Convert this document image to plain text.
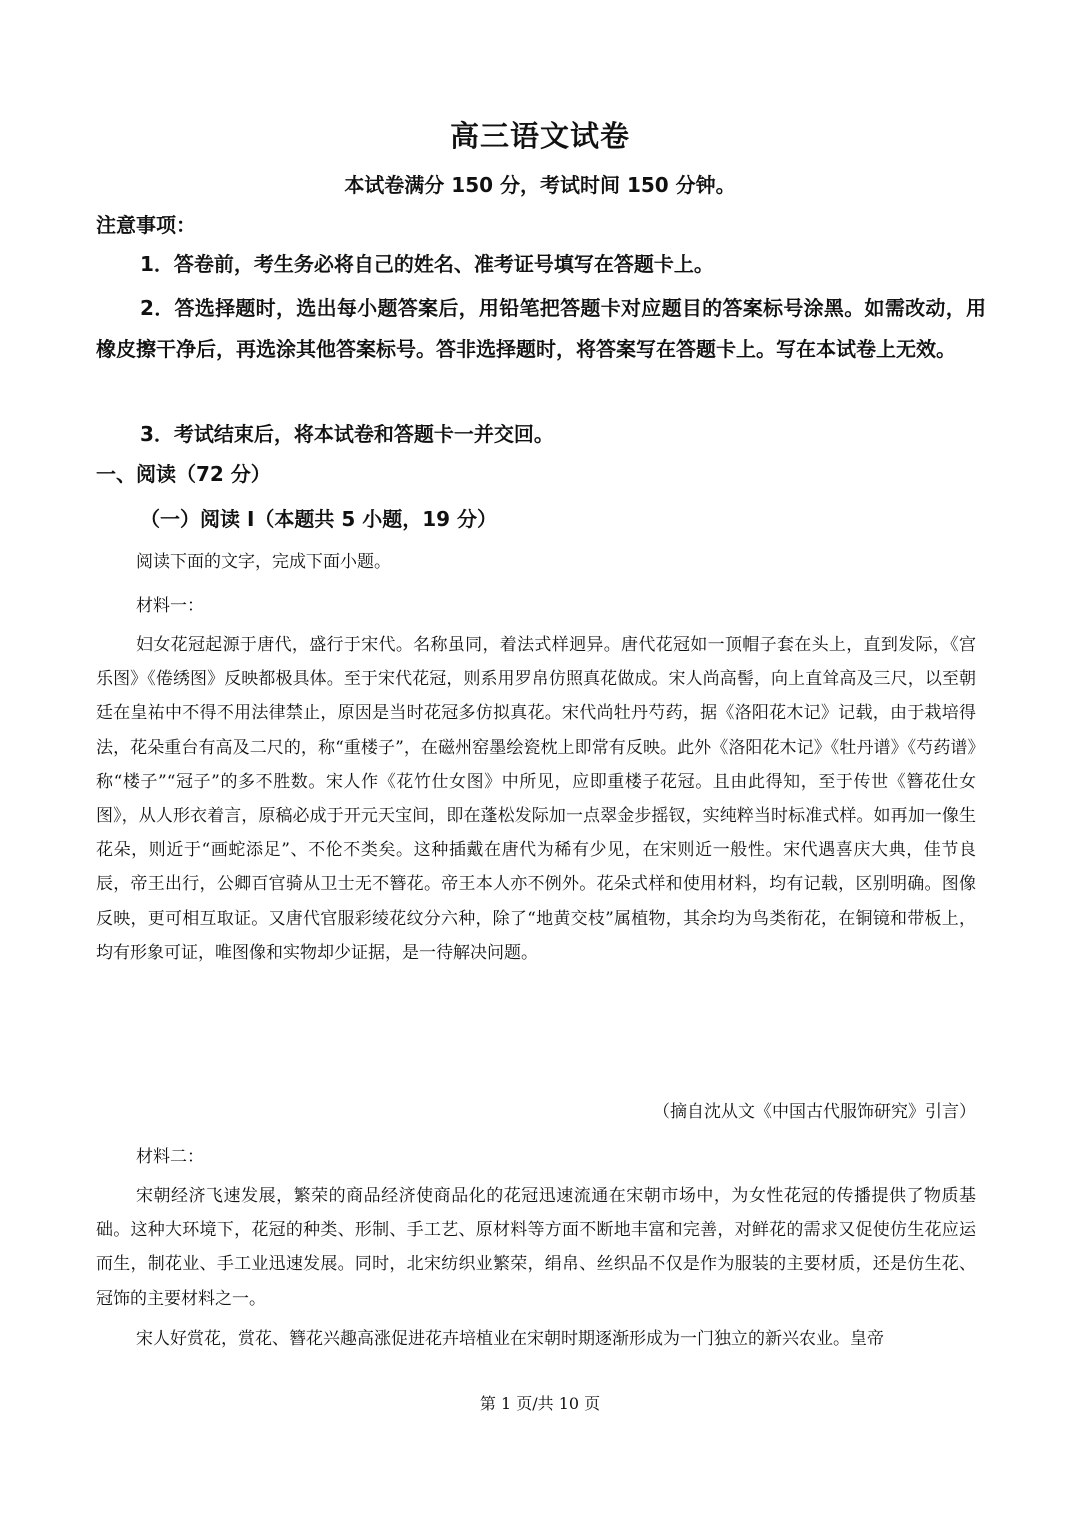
高三语文试卷
本试卷满分 150 分，考试时间 150 分钟。
注意事项：

1．答卷前，考生务必将自己的姓名、准考证号填写在答题卡上。

2．答选择题时，选出每小题答案后，用铅笔把答题卡对应题目的答案标号涂黑。如需改动，用橡皮擦干净后，再选涂其他答案标号。答非选择题时，将答案写在答题卡上。写在本试卷上无效。

3．考试结束后，将本试卷和答题卡一并交回。

一、阅读（72 分）
（一）阅读 I（本题共 5 小题，19 分）

阅读下面的文字，完成下面小题。

材料一：

妇女花冠起源于唐代，盛行于宋代。名称虽同，着法式样迥异。唐代花冠如一顶帽子套在头上，直到发际，《宫乐图》《倦绣图》反映都极具体。至于宋代花冠，则系用罗帛仿照真花做成。宋人尚高髻，向上直耸高及三尺，以至朝廷在皇祐中不得不用法律禁止，原因是当时花冠多仿拟真花。宋代尚牡丹芍药，据《洛阳花木记》记载，由于栽培得法，花朵重台有高及二尺的，称“重楼子”，在磁州窑墨绘瓷枕上即常有反映。此外《洛阳花木记》《牡丹谱》《芍药谱》称“楼子”“冠子”的多不胜数。宋人作《花竹仕女图》中所见，应即重楼子花冠。且由此得知，至于传世《簪花仕女图》，从人形衣着言，原稿必成于开元天宝间，即在蓬松发际加一点翠金步摇钗，实纯粹当时标准式样。如再加一像生花朵，则近于“画蛇添足”、不伦不类矣。这种插戴在唐代为稀有少见，在宋则近一般性。宋代遇喜庆大典，佳节良辰，帝王出行，公卿百官骑从卫士无不簪花。帝王本人亦不例外。花朵式样和使用材料，均有记载，区别明确。图像反映，更可相互取证。又唐代官服彩绫花纹分六种，除了“地黄交枝”属植物，其余均为鸟类衔花，在铜镜和带板上，均有形象可证，唯图像和实物却少证据，是一待解决问题。

（摘自沈从文《中国古代服饰研究》引言）

材料二：

宋朝经济飞速发展，繁荣的商品经济使商品化的花冠迅速流通在宋朝市场中，为女性花冠的传播提供了物质基础。这种大环境下，花冠的种类、形制、手工艺、原材料等方面不断地丰富和完善，对鲜花的需求又促使仿生花应运而生，制花业、手工业迅速发展。同时，北宋纺织业繁荣，绢帛、丝织品不仅是作为服装的主要材质，还是仿生花、冠饰的主要材料之一。

宋人好赏花，赏花、簪花兴趣高涨促进花卉培植业在宋朝时期逐渐形成为一门独立的新兴农业。皇帝

第 1 页/共 10 页
